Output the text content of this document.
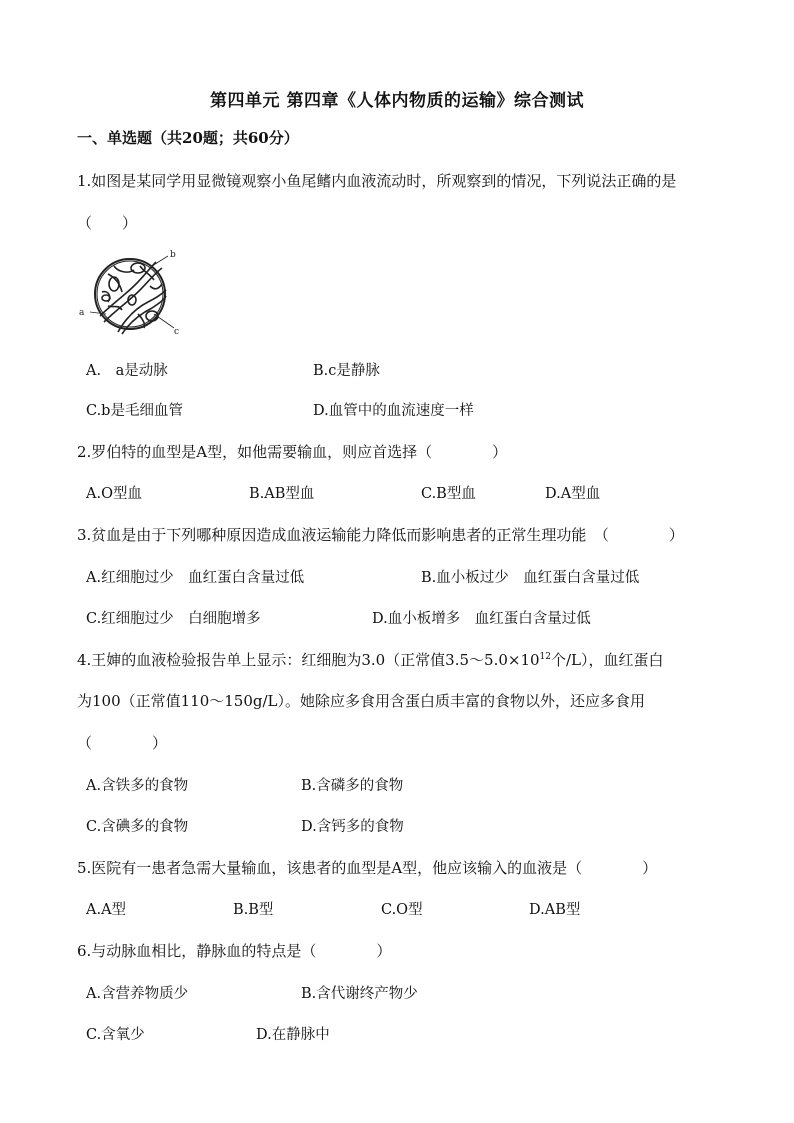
第四单元 第四章《人体内物质的运输》综合测试
一、单选题（共20题；共60分）
1.如图是某同学用显微镜观察小鱼尾鳍内血液流动时，所观察到的情况，下列说法正确的是
（　　）
b
a
c
A.　a是动脉	B.c是静脉
C.b是毛细血管	D.血管中的血流速度一样
2.罗伯特的血型是A型，如他需要输血，则应首选择（　　　　）
A.O型血	B.AB型血	C.B型血	D.A型血
3.贫血是由于下列哪种原因造成血液运输能力降低而影响患者的正常生理功能　（　　　　）
A.红细胞过少　血红蛋白含量过低	B.血小板过少　血红蛋白含量过低
C.红细胞过少　白细胞增多	D.血小板增多　血红蛋白含量过低
4.王婶的血液检验报告单上显示：红细胞为3.0（正常值$3.5\sim 5.0\times 10^{12}$个/L），血红蛋白
为100（正常值110～150g/L）。她除应多食用含蛋白质丰富的食物以外，还应多食用
（　　　　）
A.含铁多的食物	B.含磷多的食物
C.含碘多的食物	D.含钙多的食物
5.医院有一患者急需大量输血，该患者的血型是A型，他应该输入的血液是（　　　　）
A.A型	B.B型	C.O型	D.AB型
6.与动脉血相比，静脉血的特点是（　　　　）
A.含营养物质少	B.含代谢终产物少
C.含氧少	D.在静脉中
